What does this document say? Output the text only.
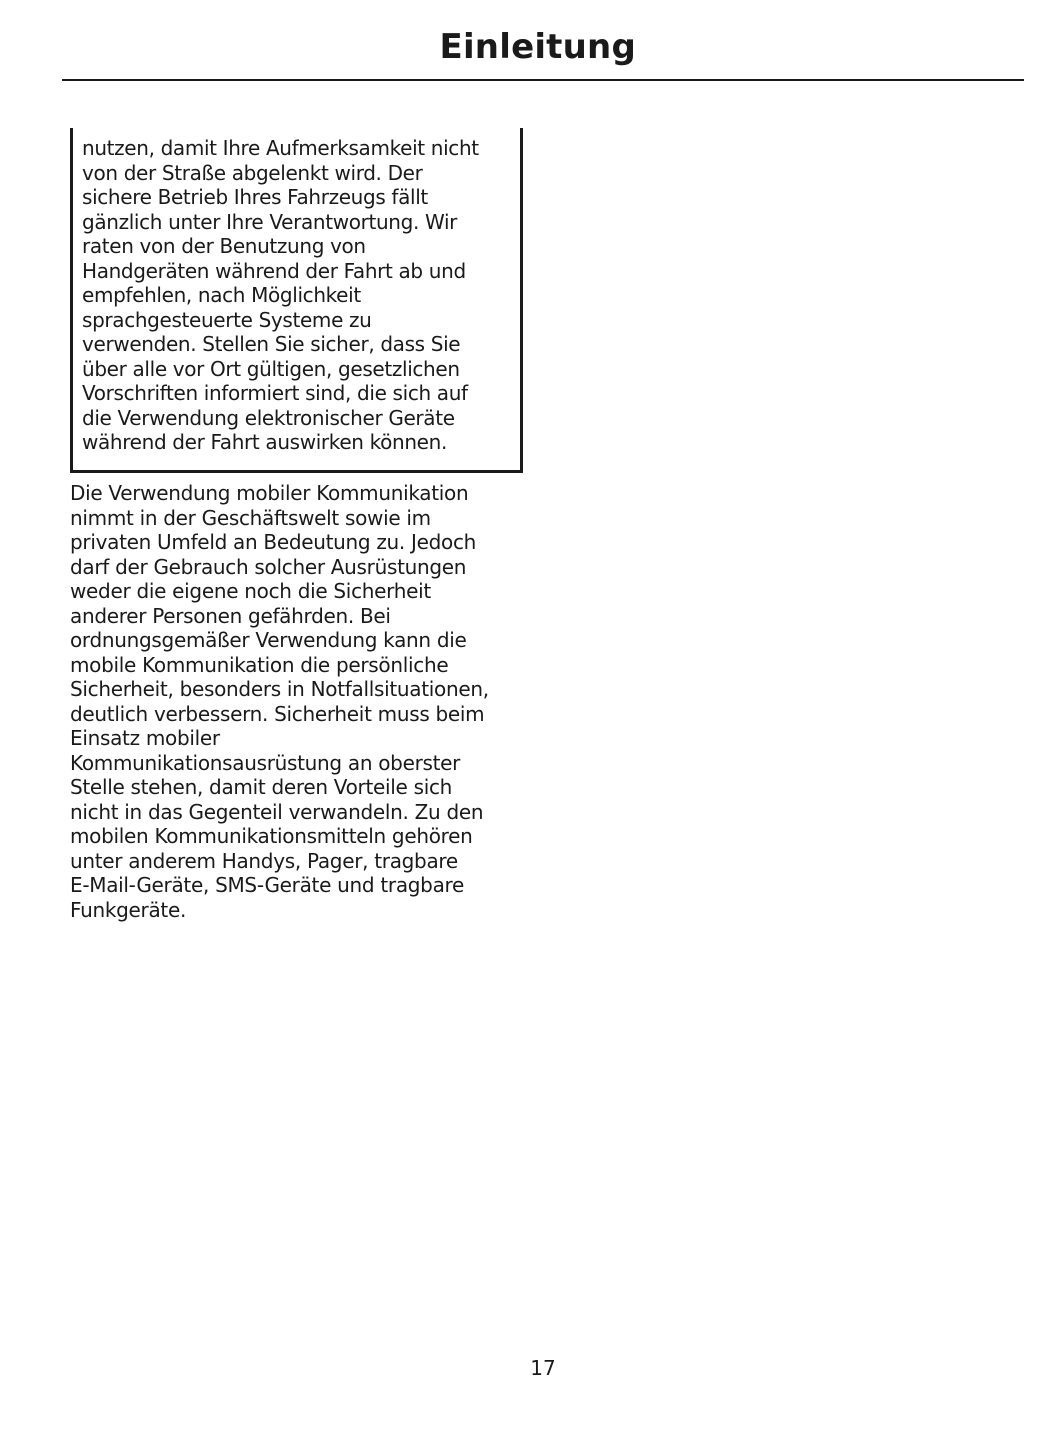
Einleitung
nutzen, damit Ihre Aufmerksamkeit nicht
von der Straße abgelenkt wird. Der
sichere Betrieb Ihres Fahrzeugs fällt
gänzlich unter Ihre Verantwortung. Wir
raten von der Benutzung von
Handgeräten während der Fahrt ab und
empfehlen, nach Möglichkeit
sprachgesteuerte Systeme zu
verwenden. Stellen Sie sicher, dass Sie
über alle vor Ort gültigen, gesetzlichen
Vorschriften informiert sind, die sich auf
die Verwendung elektronischer Geräte
während der Fahrt auswirken können.
Die Verwendung mobiler Kommunikation
nimmt in der Geschäftswelt sowie im
privaten Umfeld an Bedeutung zu. Jedoch
darf der Gebrauch solcher Ausrüstungen
weder die eigene noch die Sicherheit
anderer Personen gefährden. Bei
ordnungsgemäßer Verwendung kann die
mobile Kommunikation die persönliche
Sicherheit, besonders in Notfallsituationen,
deutlich verbessern. Sicherheit muss beim
Einsatz mobiler
Kommunikationsausrüstung an oberster
Stelle stehen, damit deren Vorteile sich
nicht in das Gegenteil verwandeln. Zu den
mobilen Kommunikationsmitteln gehören
unter anderem Handys, Pager, tragbare
E-Mail-Geräte, SMS-Geräte und tragbare
Funkgeräte.
17
